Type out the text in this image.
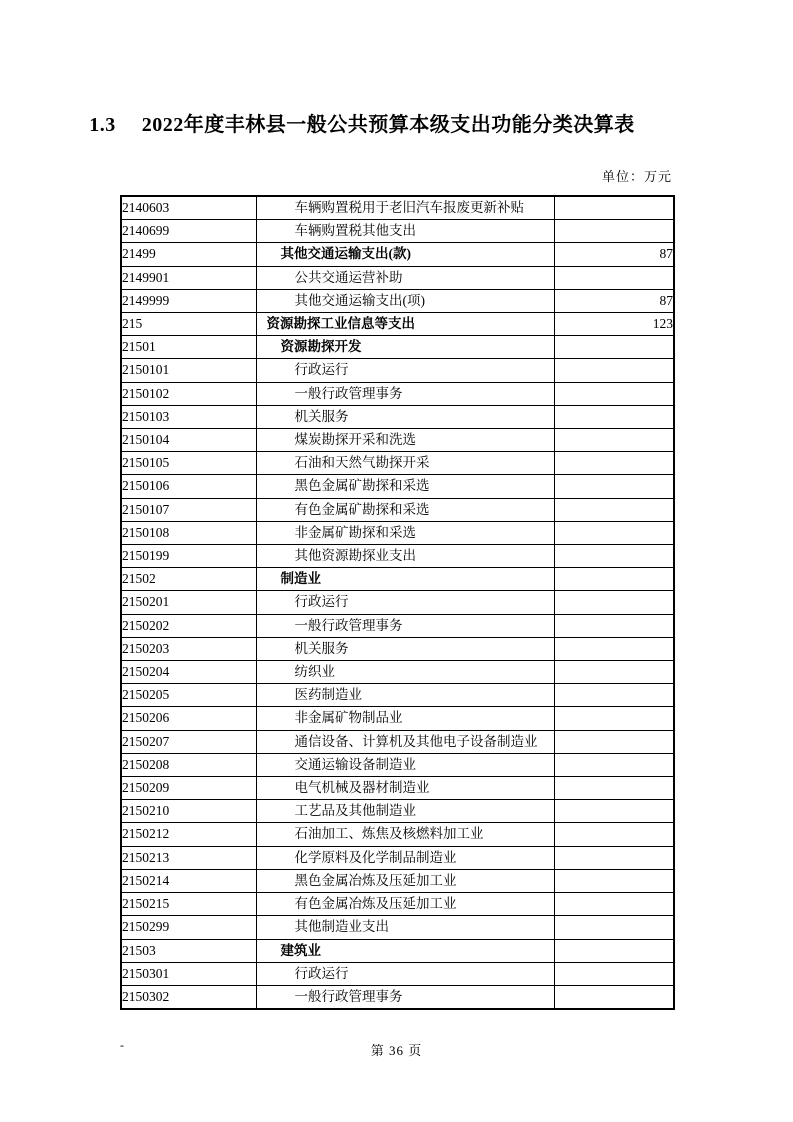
1.3 2022年度丰林县一般公共预算本级支出功能分类决算表
单位：万元
2140603	车辆购置税用于老旧汽车报废更新补贴	
2140699	车辆购置税其他支出	
21499	其他交通运输支出(款)	87
2149901	公共交通运营补助	
2149999	其他交通运输支出(项)	87
215	资源勘探工业信息等支出	123
21501	资源勘探开发	
2150101	行政运行	
2150102	一般行政管理事务	
2150103	机关服务	
2150104	煤炭勘探开采和洗选	
2150105	石油和天然气勘探开采	
2150106	黑色金属矿勘探和采选	
2150107	有色金属矿勘探和采选	
2150108	非金属矿勘探和采选	
2150199	其他资源勘探业支出	
21502	制造业	
2150201	行政运行	
2150202	一般行政管理事务	
2150203	机关服务	
2150204	纺织业	
2150205	医药制造业	
2150206	非金属矿物制品业	
2150207	通信设备、计算机及其他电子设备制造业	
2150208	交通运输设备制造业	
2150209	电气机械及器材制造业	
2150210	工艺品及其他制造业	
2150212	石油加工、炼焦及核燃料加工业	
2150213	化学原料及化学制品制造业	
2150214	黑色金属冶炼及压延加工业	
2150215	有色金属冶炼及压延加工业	
2150299	其他制造业支出	
21503	建筑业	
2150301	行政运行	
2150302	一般行政管理事务	
-	第 36 页
